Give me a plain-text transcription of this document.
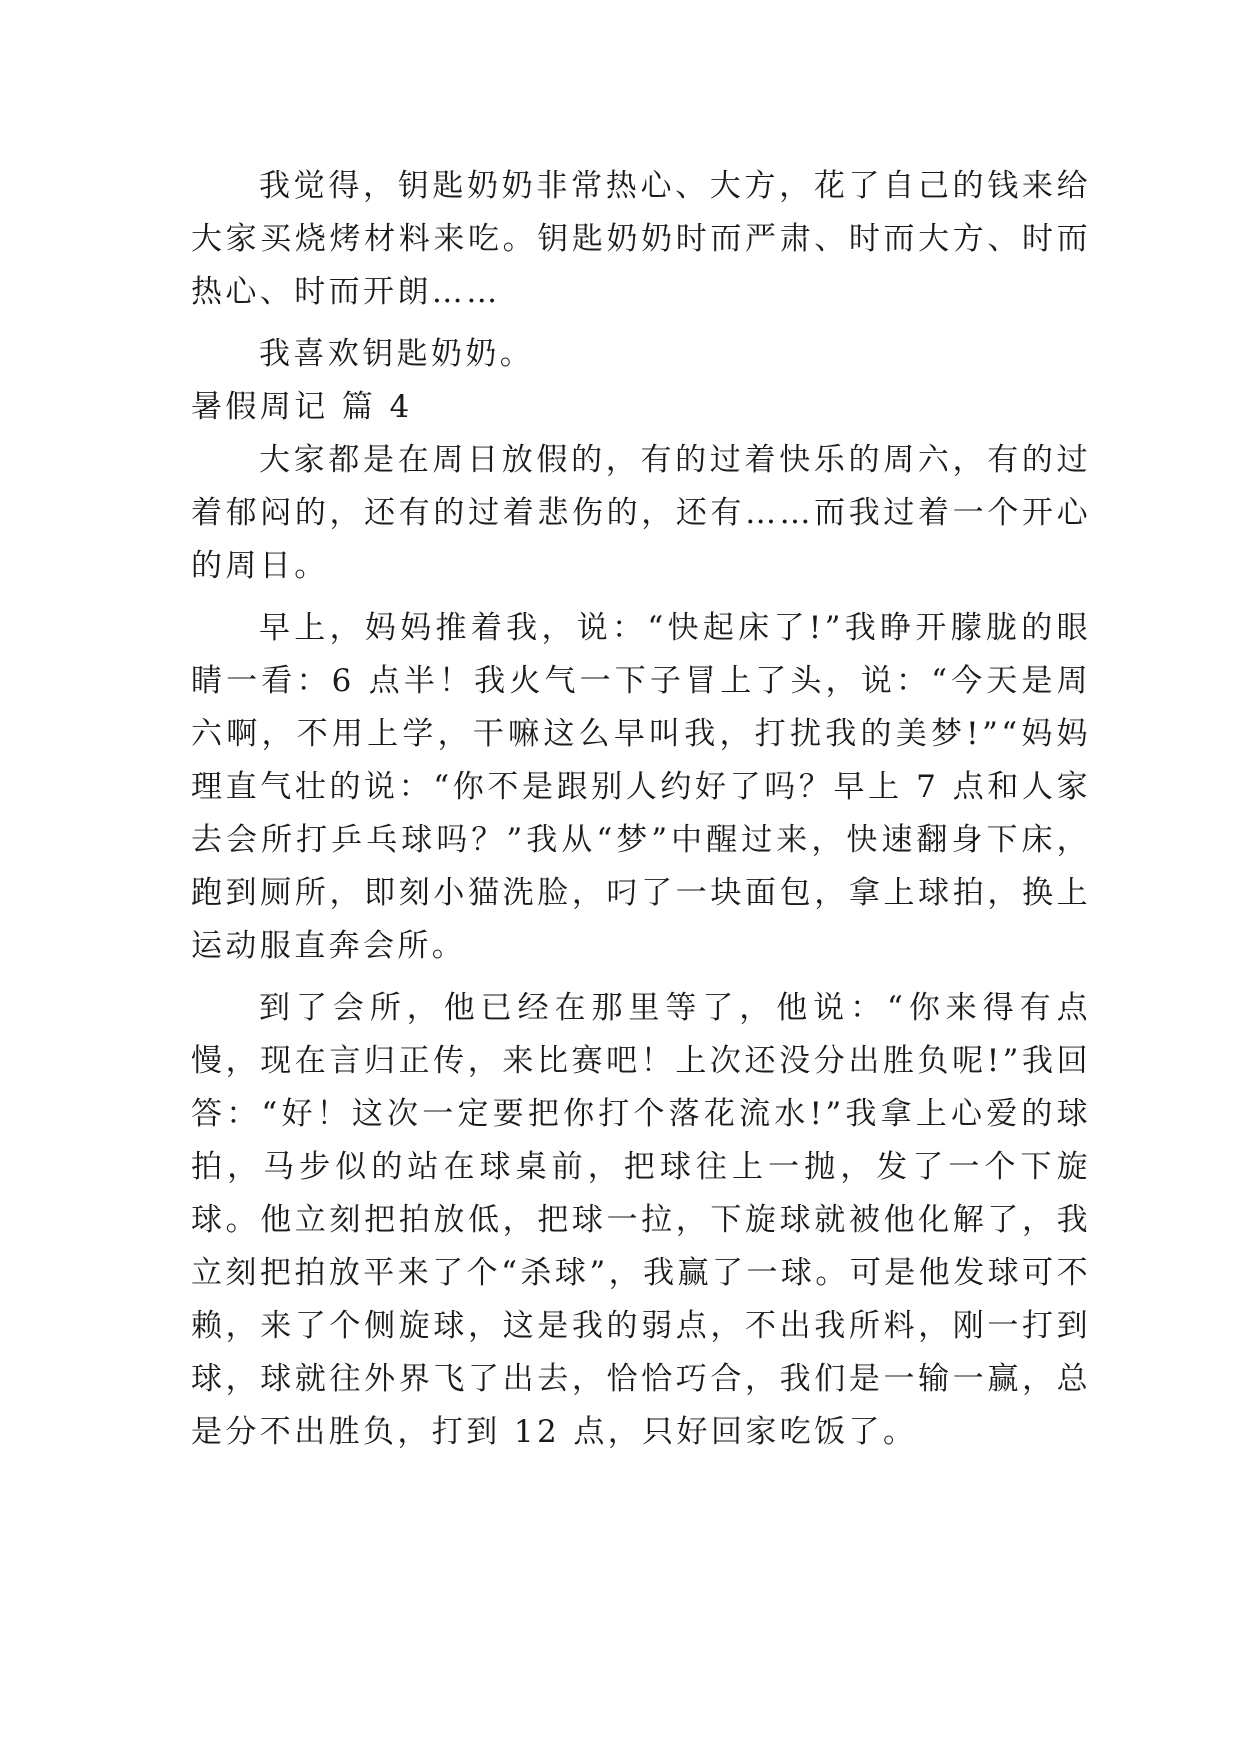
我觉得，钥匙奶奶非常热心、大方，花了自己的钱来给大家买烧烤材料来吃。钥匙奶奶时而严肃、时而大方、时而热心、时而开朗……

我喜欢钥匙奶奶。

暑假周记 篇 4

大家都是在周日放假的，有的过着快乐的周六，有的过着郁闷的，还有的过着悲伤的，还有……而我过着一个开心的周日。

早上，妈妈推着我，说：“快起床了!”我睁开朦胧的眼睛一看：6 点半！我火气一下子冒上了头，说：“今天是周六啊，不用上学，干嘛这么早叫我，打扰我的美梦!”“妈妈理直气壮的说：“你不是跟别人约好了吗？早上 7 点和人家去会所打乒乓球吗？”我从“梦”中醒过来，快速翻身下床，跑到厕所，即刻小猫洗脸，叼了一块面包，拿上球拍，换上运动服直奔会所。

到了会所，他已经在那里等了，他说：“你来得有点慢，现在言归正传，来比赛吧！上次还没分出胜负呢!”我回答：“好！这次一定要把你打个落花流水!”我拿上心爱的球拍，马步似的站在球桌前，把球往上一抛，发了一个下旋球。他立刻把拍放低，把球一拉，下旋球就被他化解了，我立刻把拍放平来了个“杀球”，我赢了一球。可是他发球可不赖，来了个侧旋球，这是我的弱点，不出我所料，刚一打到球，球就往外界飞了出去，恰恰巧合，我们是一输一赢，总是分不出胜负，打到 12 点，只好回家吃饭了。
